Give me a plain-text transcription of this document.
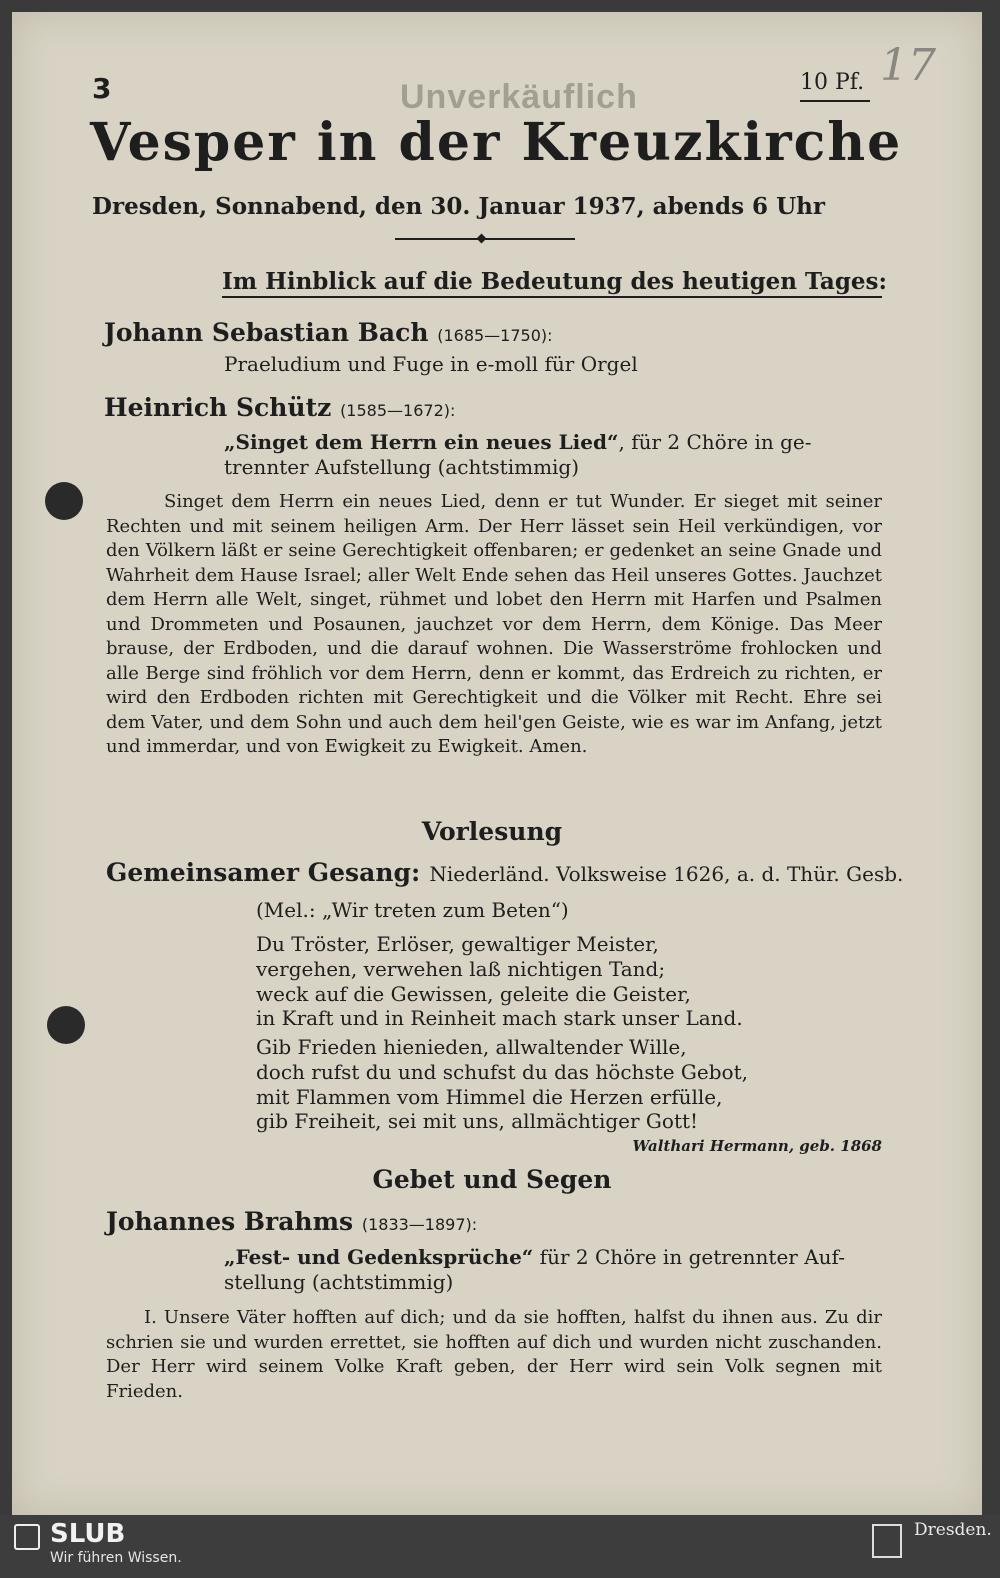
3	Unverkäuflich	10 Pf. 17
Vesper in der Kreuzkirche
Dresden, Sonnabend, den 30. Januar 1937, abends 6 Uhr
Im Hinblick auf die Bedeutung des heutigen Tages:
Johann Sebastian Bach (1685—1750):
Praeludium und Fuge in e-moll für Orgel
Heinrich Schütz (1585—1672):
„Singet dem Herrn ein neues Lied“, für 2 Chöre in ge-
trennter Aufstellung (achtstimmig)
Singet dem Herrn ein neues Lied, denn er tut Wunder. Er sieget mit seiner Rechten und mit seinem heiligen Arm. Der Herr lässet sein Heil verkündigen, vor den Völkern läßt er seine Gerechtigkeit offenbaren; er gedenket an seine Gnade und Wahrheit dem Hause Israel; aller Welt Ende sehen das Heil unseres Gottes. Jauchzet dem Herrn alle Welt, singet, rühmet und lobet den Herrn mit Harfen und Psalmen und Drommeten und Posaunen, jauchzet vor dem Herrn, dem Könige. Das Meer brause, der Erdboden, und die darauf wohnen. Die Wasserströme frohlocken und alle Berge sind fröhlich vor dem Herrn, denn er kommt, das Erdreich zu richten, er wird den Erdboden richten mit Gerechtigkeit und die Völker mit Recht. Ehre sei dem Vater, und dem Sohn und auch dem heil'gen Geiste, wie es war im Anfang, jetzt und immerdar, und von Ewigkeit zu Ewigkeit. Amen.
Vorlesung
Gemeinsamer Gesang: Niederländ. Volksweise 1626, a. d. Thür. Gesb.
(Mel.: „Wir treten zum Beten“)
Du Tröster, Erlöser, gewaltiger Meister,
vergehen, verwehen laß nichtigen Tand;
weck auf die Gewissen, geleite die Geister,
in Kraft und in Reinheit mach stark unser Land.
Gib Frieden hienieden, allwaltender Wille,
doch rufst du und schufst du das höchste Gebot,
mit Flammen vom Himmel die Herzen erfülle,
gib Freiheit, sei mit uns, allmächtiger Gott!
Walthari Hermann, geb. 1868
Gebet und Segen
Johannes Brahms (1833—1897):
„Fest- und Gedenksprüche“ für 2 Chöre in getrennter Auf-
stellung (achtstimmig)
I. Unsere Väter hofften auf dich; und da sie hofften, halfst du ihnen aus. Zu dir schrien sie und wurden errettet, sie hofften auf dich und wurden nicht zuschanden. Der Herr wird seinem Volke Kraft geben, der Herr wird sein Volk segnen mit Frieden.
SLUB
Wir führen Wissen.
Dresden.
